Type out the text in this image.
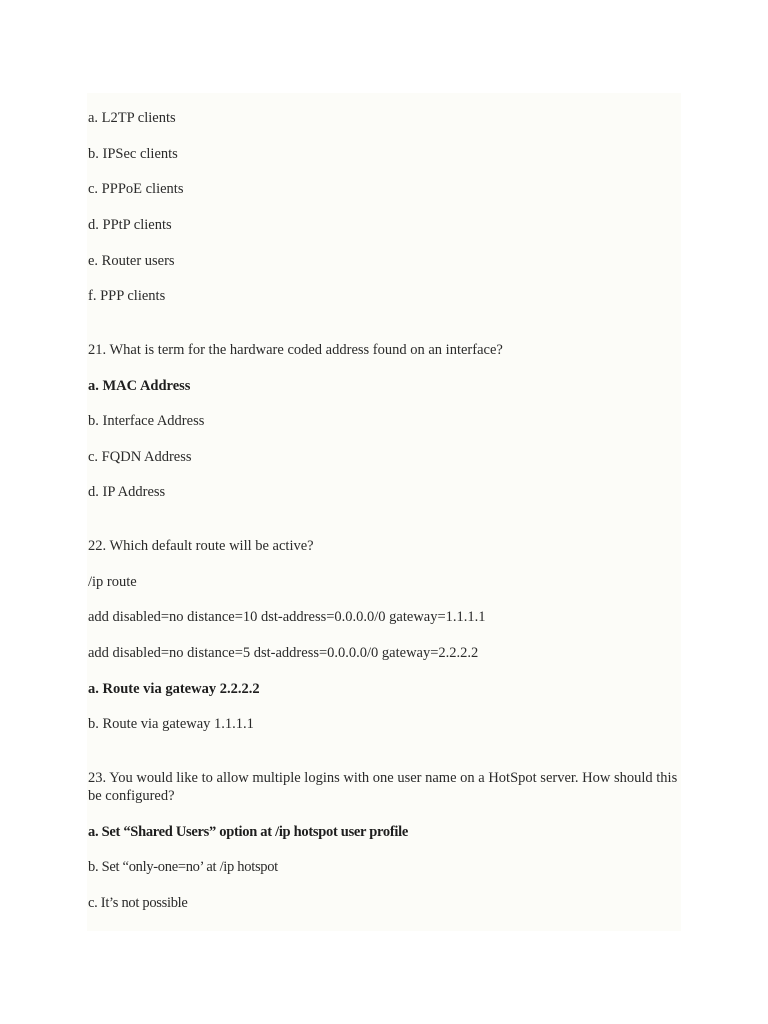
a. L2TP clients
b. IPSec clients
c. PPPoE clients
d. PPtP clients
e. Router users
f. PPP clients
21. What is term for the hardware coded address found on an interface?
a. MAC Address
b. Interface Address
c. FQDN Address
d. IP Address
22. Which default route will be active?
/ip route
add disabled=no distance=10 dst-address=0.0.0.0/0 gateway=1.1.1.1
add disabled=no distance=5 dst-address=0.0.0.0/0 gateway=2.2.2.2
a. Route via gateway 2.2.2.2
b. Route via gateway 1.1.1.1
23. You would like to allow multiple logins with one user name on a HotSpot server. How should this be configured?
a. Set “Shared Users” option at /ip hotspot user profile
b. Set “only-one=no’ at /ip hotspot
c. It’s not possible
